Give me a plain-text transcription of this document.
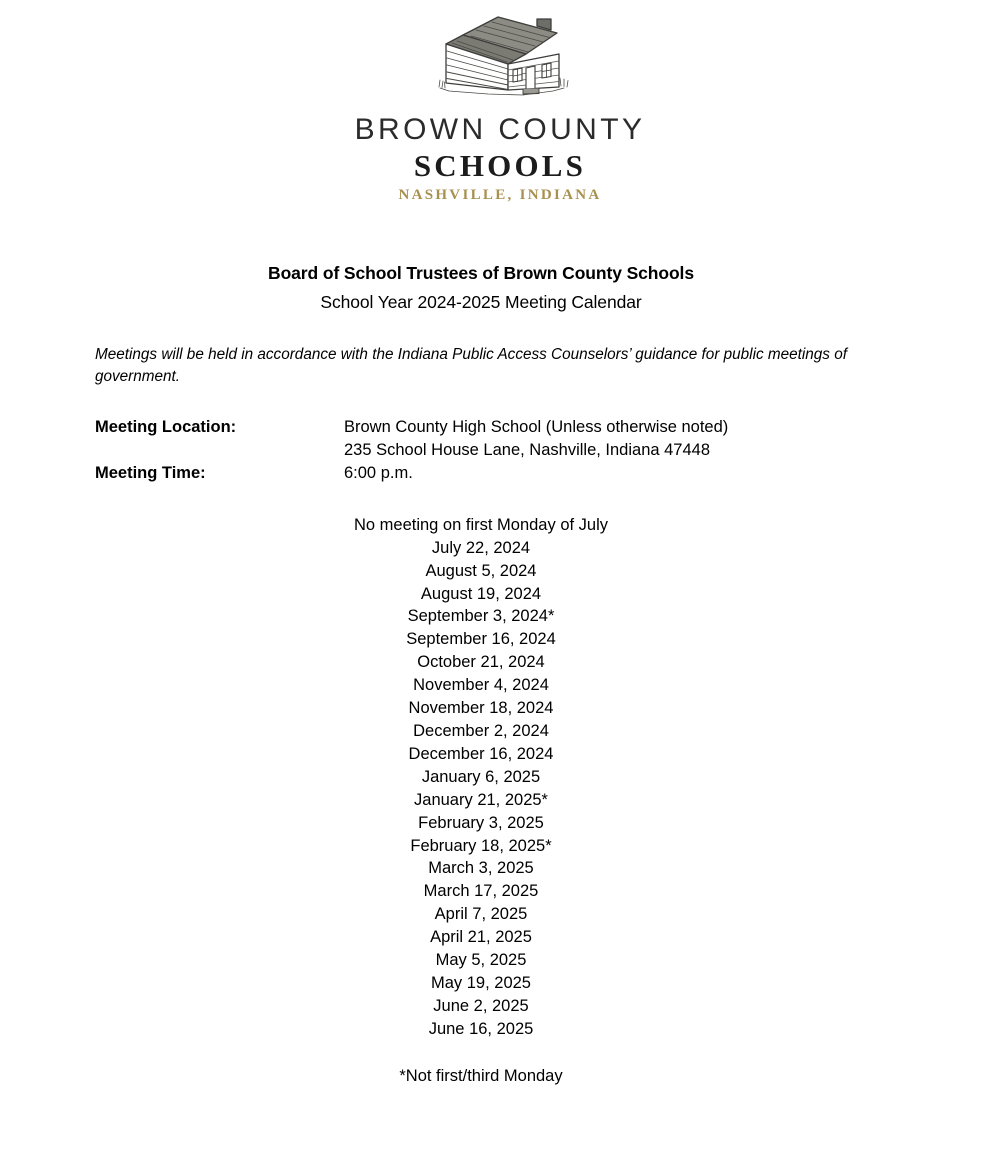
BROWN COUNTY
SCHOOLS
NASHVILLE, INDIANA
Board of School Trustees of Brown County Schools
School Year 2024-2025 Meeting Calendar

Meetings will be held in accordance with the Indiana Public Access Counselors’ guidance for public meetings of government.

Meeting Location:	Brown County High School (Unless otherwise noted)
235 School House Lane, Nashville, Indiana 47448

Meeting Time:	6:00 p.m.
No meeting on first Monday of July
July 22, 2024
August 5, 2024
August 19, 2024
September 3, 2024*
September 16, 2024
October 21, 2024
November 4, 2024
November 18, 2024
December 2, 2024
December 16, 2024
January 6, 2025
January 21, 2025*
February 3, 2025
February 18, 2025*
March 3, 2025
March 17, 2025
April 7, 2025
April 21, 2025
May 5, 2025
May 19, 2025
June 2, 2025
June 16, 2025
*Not first/third Monday
